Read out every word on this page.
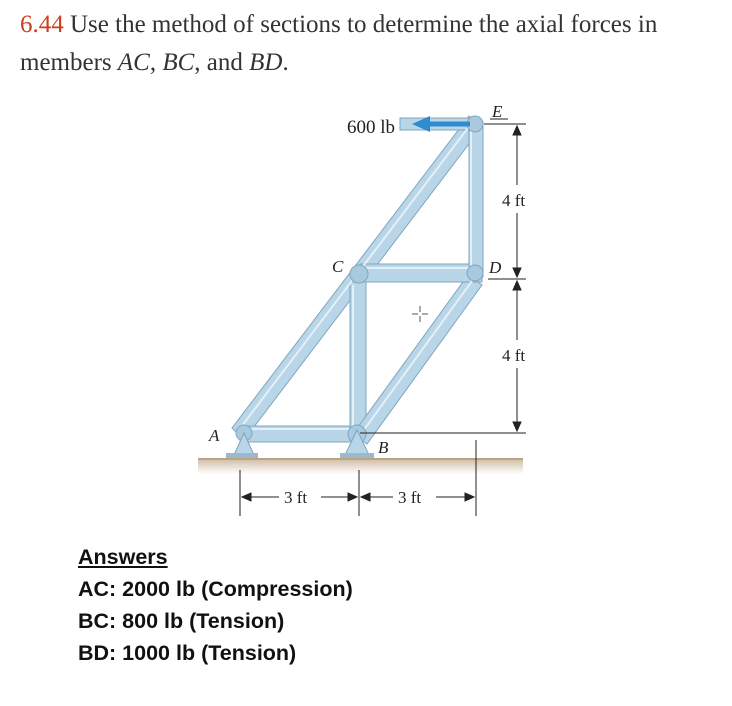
6.44 Use the method of sections to determine the axial forces in
members AC, BC, and BD.
600 lb
E
C	D
A
B
4 ft
4 ft
3 ft	3 ft
Answers
AC: 2000 lb (Compression)
BC: 800 lb (Tension)
BD: 1000 lb (Tension)
